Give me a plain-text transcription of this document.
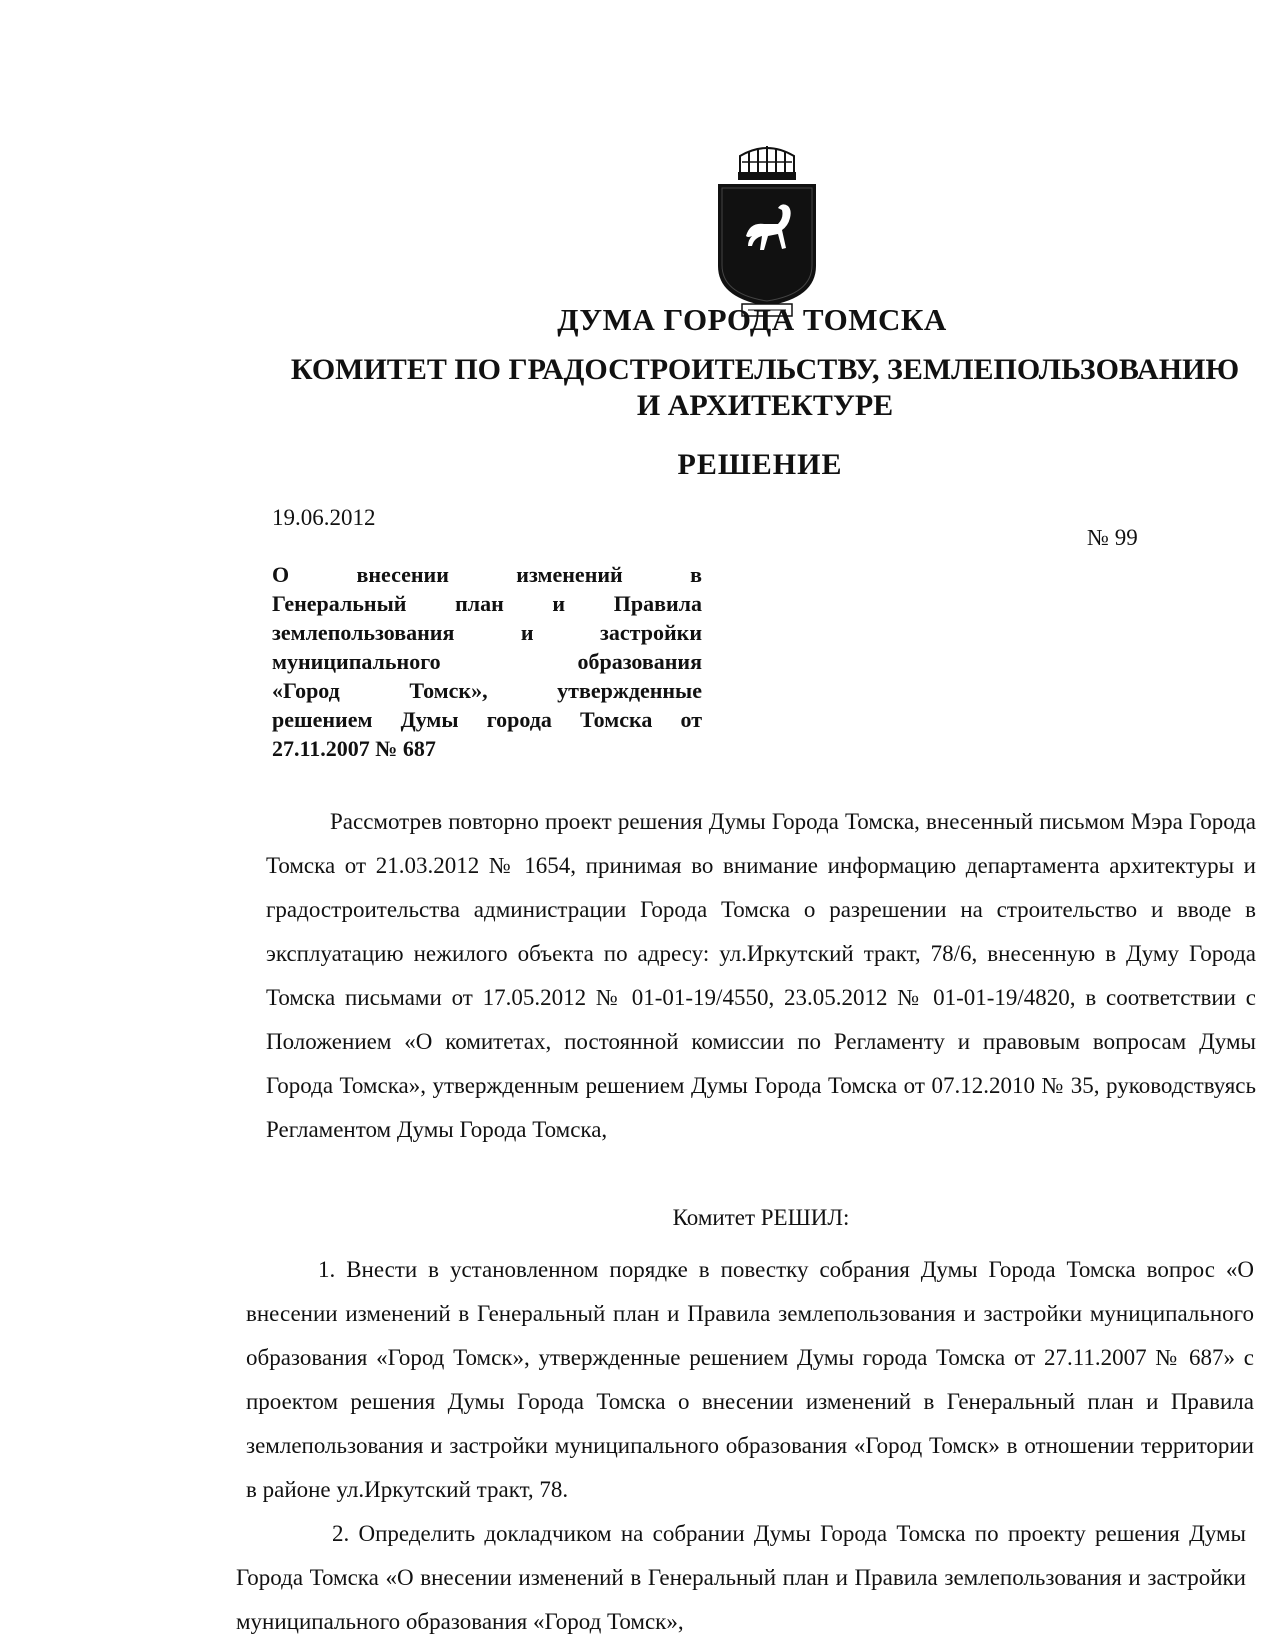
ДУМА ГОРОДА ТОМСКА
КОМИТЕТ ПО ГРАДОСТРОИТЕЛЬСТВУ, ЗЕМЛЕПОЛЬЗОВАНИЮ
И АРХИТЕКТУРЕ
РЕШЕНИЕ
19.06.2012
№ 99
О внесении изменений в
Генеральный план и Правила
землепользования и застройки
муниципального образования
«Город Томск», утвержденные
решением Думы города Томска от
27.11.2007 № 687
Рассмотрев повторно проект решения Думы Города Томска, внесенный письмом Мэра Города Томска от 21.03.2012 № 1654, принимая во внимание информацию департамента архитектуры и градостроительства администрации Города Томска о разрешении на строительство и вводе в эксплуатацию нежилого объекта по адресу: ул.Иркутский тракт, 78/6, внесенную в Думу Города Томска письмами от 17.05.2012 № 01-01-19/4550, 23.05.2012 № 01-01-19/4820, в соответствии с Положением «О комитетах, постоянной комиссии по Регламенту и правовым вопросам Думы Города Томска», утвержденным решением Думы Города Томска от 07.12.2010 № 35, руководствуясь Регламентом Думы Города Томска,
Комитет РЕШИЛ:
1. Внести в установленном порядке в повестку собрания Думы Города Томска вопрос «О внесении изменений в Генеральный план и Правила землепользования и застройки муниципального образования «Город Томск», утвержденные решением Думы города Томска от 27.11.2007 № 687» с проектом решения Думы Города Томска о внесении изменений в Генеральный план и Правила землепользования и застройки муниципального образования «Город Томск» в отношении территории в районе ул.Иркутский тракт, 78.
2. Определить докладчиком на собрании Думы Города Томска по проекту решения Думы Города Томска «О внесении изменений в Генеральный план и Правила землепользования и застройки муниципального образования «Город Томск»,
